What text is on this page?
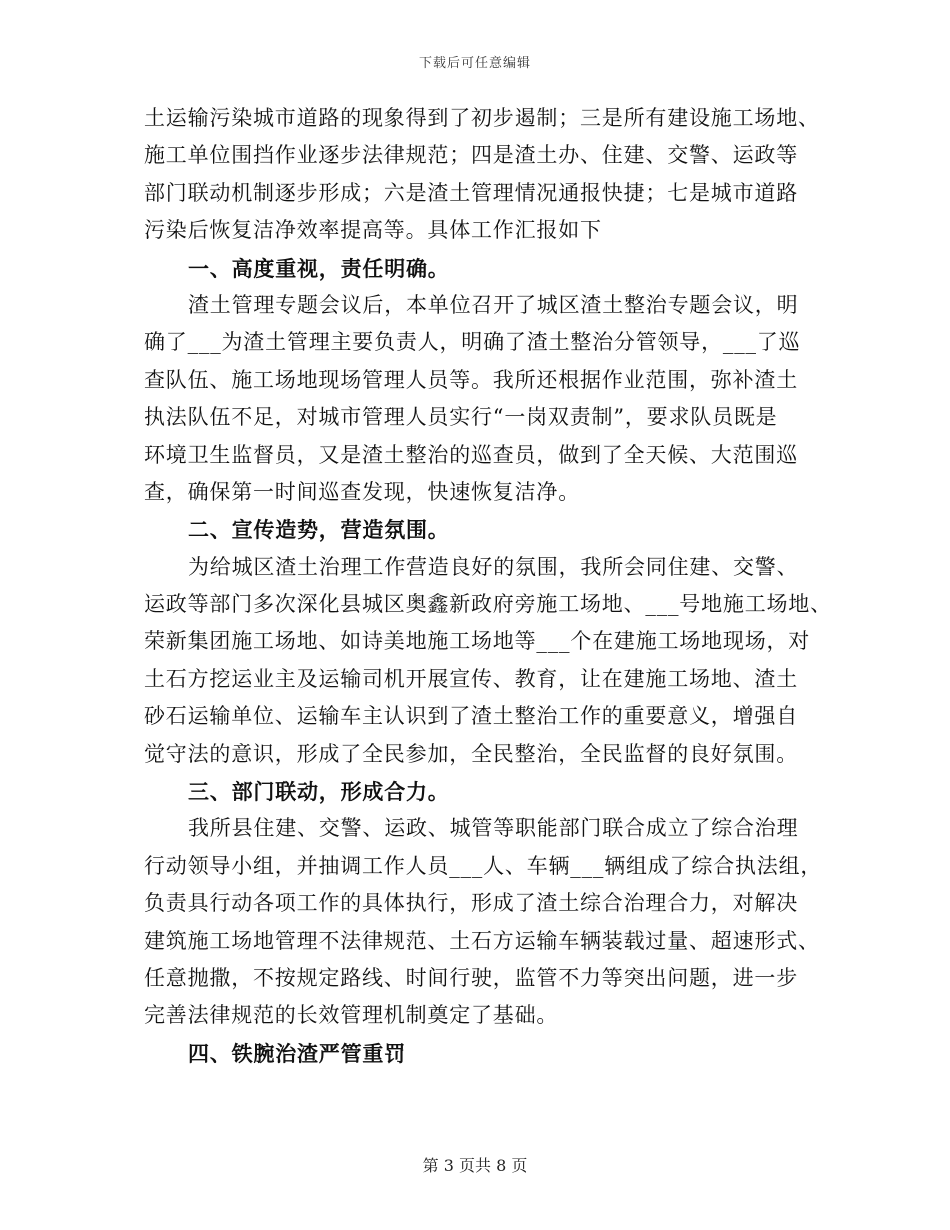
下载后可任意编辑
土运输污染城市道路的现象得到了初步遏制；三是所有建设施工场地、
施工单位围挡作业逐步法律规范；四是渣土办、住建、交警、运政等
部门联动机制逐步形成；六是渣土管理情况通报快捷；七是城市道路
污染后恢复洁净效率提高等。具体工作汇报如下
一、高度重视，责任明确。
渣土管理专题会议后，本单位召开了城区渣土整治专题会议，明
确了___为渣土管理主要负责人，明确了渣土整治分管领导，___了巡
查队伍、施工场地现场管理人员等。我所还根据作业范围，弥补渣土
执法队伍不足，对城市管理人员实行“一岗双责制”，要求队员既是
环境卫生监督员，又是渣土整治的巡查员，做到了全天候、大范围巡
查，确保第一时间巡查发现，快速恢复洁净。
二、宣传造势，营造氛围。
为给城区渣土治理工作营造良好的氛围，我所会同住建、交警、
运政等部门多次深化县城区奥鑫新政府旁施工场地、___号地施工场地、
荣新集团施工场地、如诗美地施工场地等___个在建施工场地现场，对
土石方挖运业主及运输司机开展宣传、教育，让在建施工场地、渣土
砂石运输单位、运输车主认识到了渣土整治工作的重要意义，增强自
觉守法的意识，形成了全民参加，全民整治，全民监督的良好氛围。
三、部门联动，形成合力。
我所县住建、交警、运政、城管等职能部门联合成立了综合治理
行动领导小组，并抽调工作人员___人、车辆___辆组成了综合执法组，
负责具行动各项工作的具体执行，形成了渣土综合治理合力，对解决
建筑施工场地管理不法律规范、土石方运输车辆装载过量、超速形式、
任意抛撒，不按规定路线、时间行驶，监管不力等突出问题，进一步
完善法律规范的长效管理机制奠定了基础。
四、铁腕治渣严管重罚
第 3 页共 8 页
